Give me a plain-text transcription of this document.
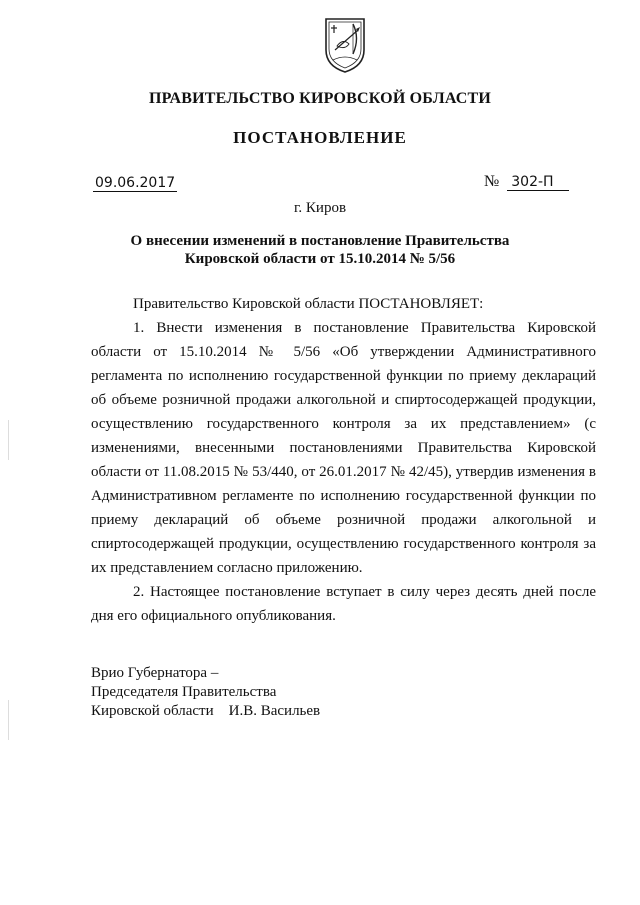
ПРАВИТЕЛЬСТВО КИРОВСКОЙ ОБЛАСТИ
ПОСТАНОВЛЕНИЕ
09.06.2017	№ 302-П
г. Киров
О внесении изменений в постановление Правительства
Кировской области от 15.10.2014 № 5/56

Правительство Кировской области ПОСТАНОВЛЯЕТ:

1. Внести изменения в постановление Правительства Кировской области от 15.10.2014 № 5/56 «Об утверждении Административного регламента по исполнению государственной функции по приему деклараций об объеме розничной продажи алкогольной и спиртосодержащей продукции, осуществлению государственного контроля за их представлением» (с изменениями, внесенными постановлениями Правительства Кировской области от 11.08.2015 № 53/440, от 26.01.2017 № 42/45), утвердив изменения в Административном регламенте по исполнению государственной функции по приему деклараций об объеме розничной продажи алкогольной и спиртосодержащей продукции, осуществлению государственного контроля за их представлением согласно приложению.

2. Настоящее постановление вступает в силу через десять дней после дня его официального опубликования.

Врио Губернатора –
Председателя Правительства
Кировской области И.В. Васильев
